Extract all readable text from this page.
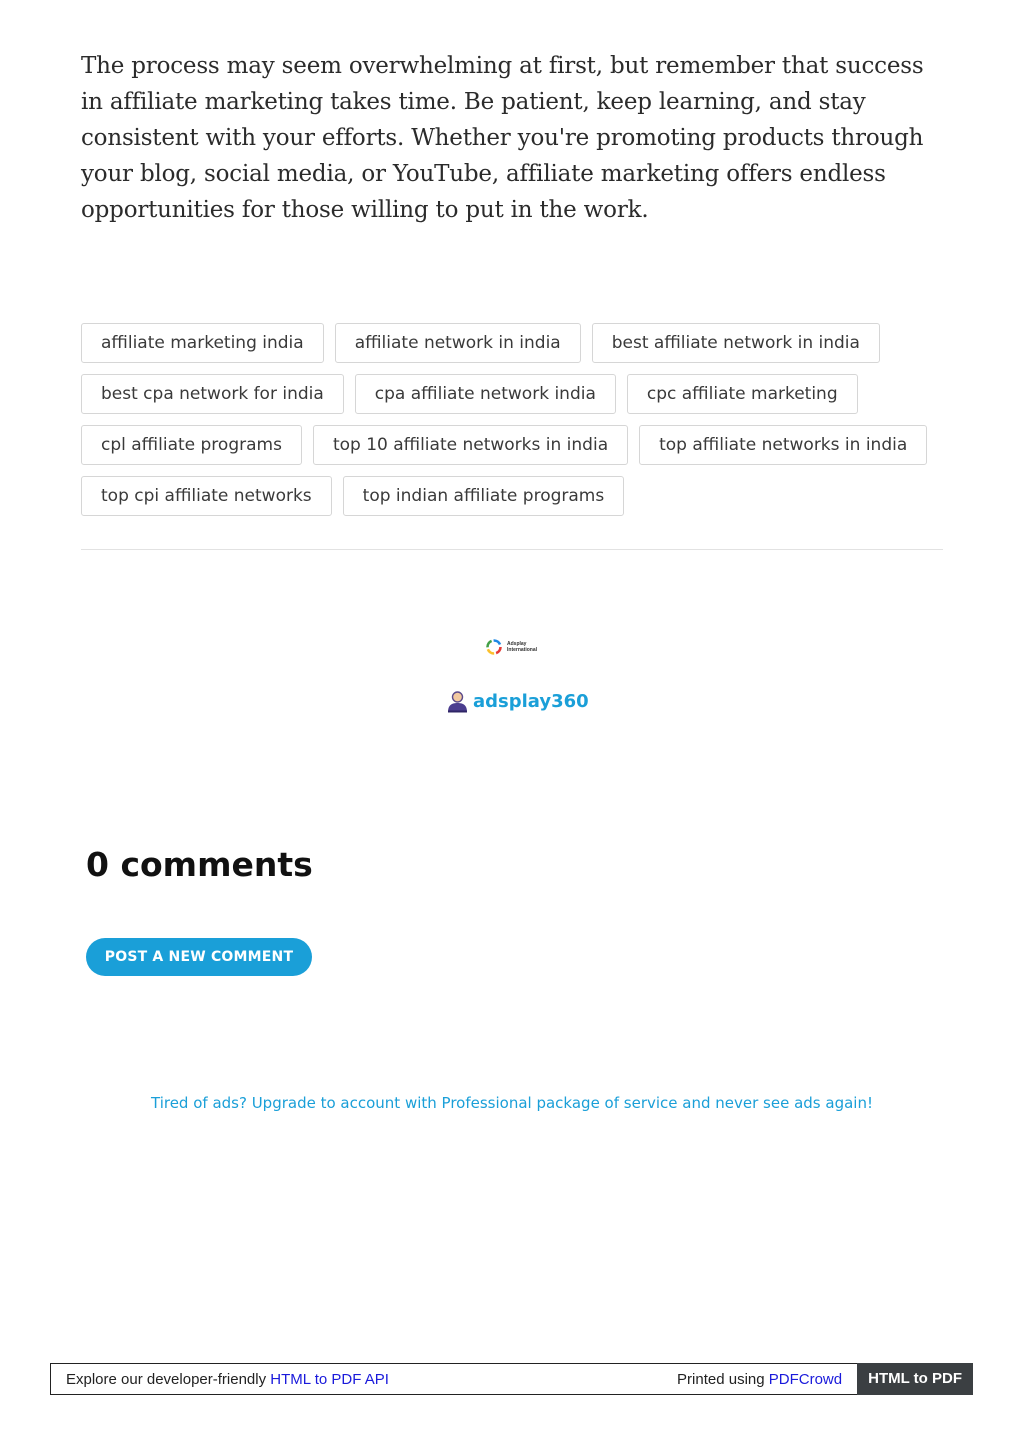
The process may seem overwhelming at first, but remember that success in affiliate marketing takes time. Be patient, keep learning, and stay consistent with your efforts. Whether you're promoting products through your blog, social media, or YouTube, affiliate marketing offers endless opportunities for those willing to put in the work.

affiliate marketing india	affiliate network in india	best affiliate network in india
best cpa network for india	cpa affiliate network india	cpc affiliate marketing
cpl affiliate programs	top 10 affiliate networks in india	top affiliate networks in india
top cpi affiliate networks	top indian affiliate programs
Adsplay
International
adsplay360
0 comments
POST A NEW COMMENT
Tired of ads? Upgrade to account with Professional package of service and never see ads again!
Explore our developer-friendly HTML to PDF API	Printed using PDFCrowd	HTML to PDF
